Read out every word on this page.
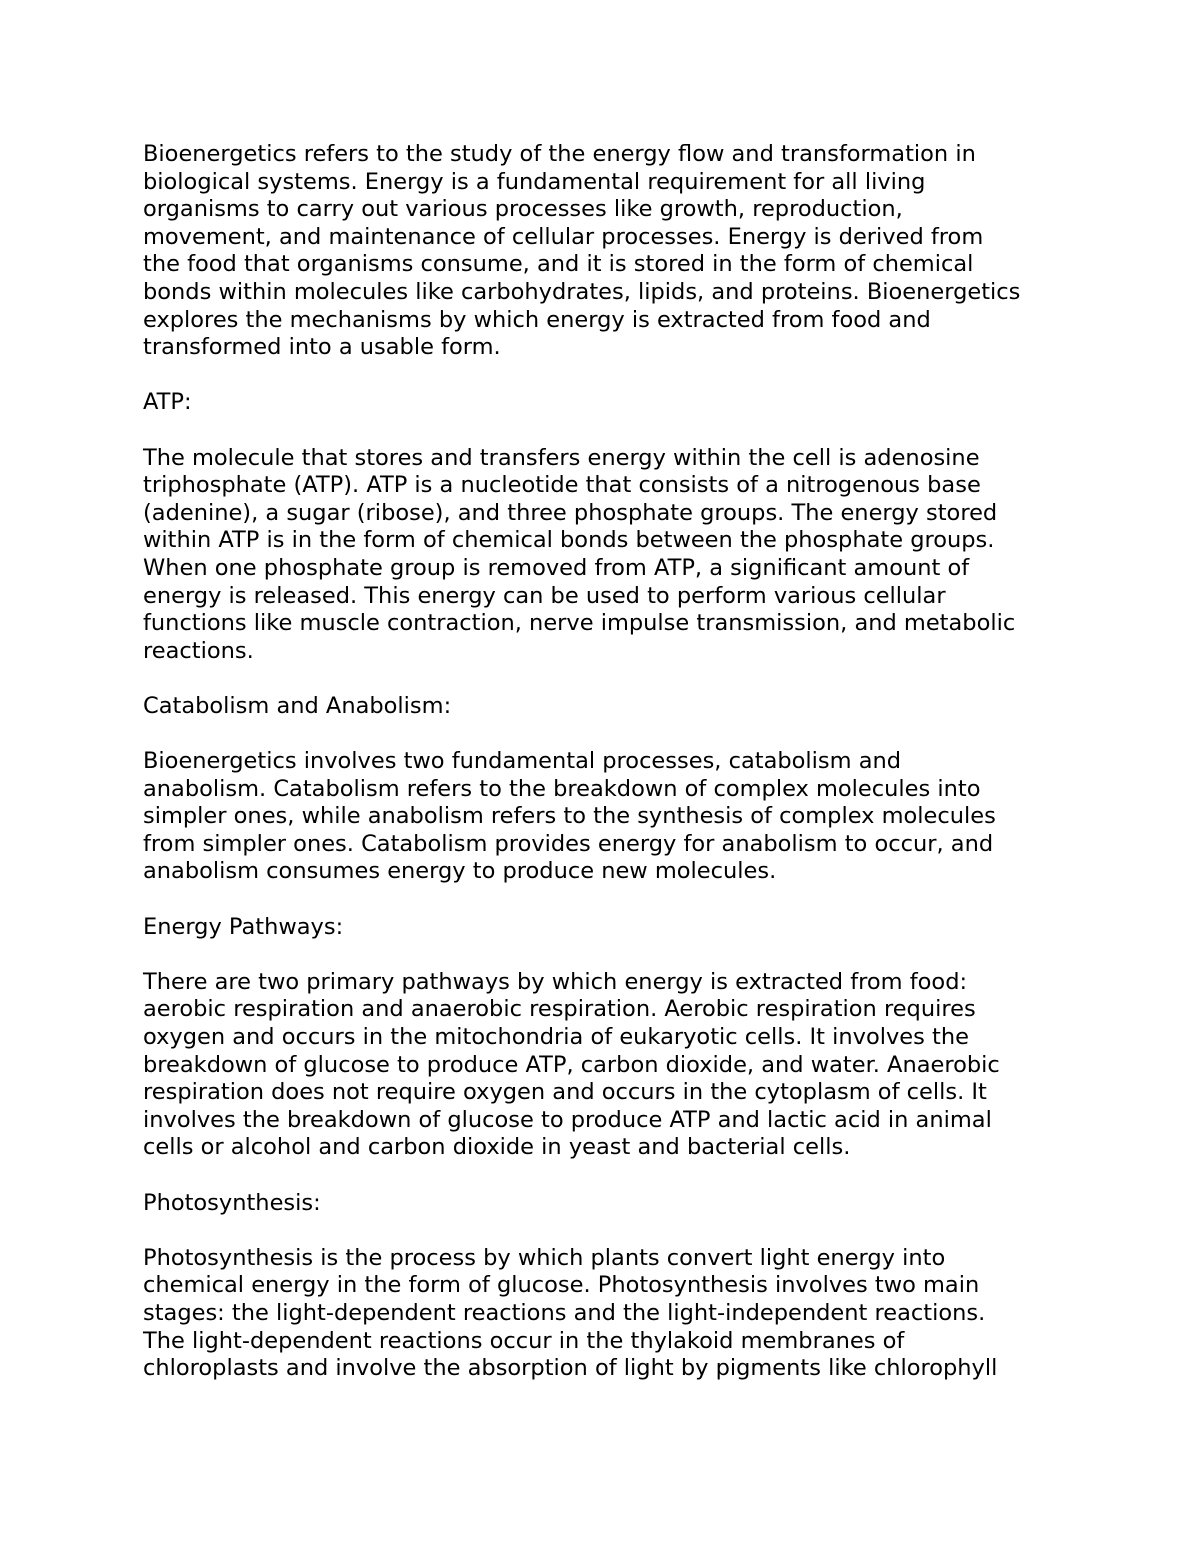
Bioenergetics refers to the study of the energy flow and transformation in
biological systems. Energy is a fundamental requirement for all living
organisms to carry out various processes like growth, reproduction,
movement, and maintenance of cellular processes. Energy is derived from
the food that organisms consume, and it is stored in the form of chemical
bonds within molecules like carbohydrates, lipids, and proteins. Bioenergetics
explores the mechanisms by which energy is extracted from food and
transformed into a usable form.

ATP:

The molecule that stores and transfers energy within the cell is adenosine
triphosphate (ATP). ATP is a nucleotide that consists of a nitrogenous base
(adenine), a sugar (ribose), and three phosphate groups. The energy stored
within ATP is in the form of chemical bonds between the phosphate groups.
When one phosphate group is removed from ATP, a significant amount of
energy is released. This energy can be used to perform various cellular
functions like muscle contraction, nerve impulse transmission, and metabolic
reactions.

Catabolism and Anabolism:

Bioenergetics involves two fundamental processes, catabolism and
anabolism. Catabolism refers to the breakdown of complex molecules into
simpler ones, while anabolism refers to the synthesis of complex molecules
from simpler ones. Catabolism provides energy for anabolism to occur, and
anabolism consumes energy to produce new molecules.

Energy Pathways:

There are two primary pathways by which energy is extracted from food:
aerobic respiration and anaerobic respiration. Aerobic respiration requires
oxygen and occurs in the mitochondria of eukaryotic cells. It involves the
breakdown of glucose to produce ATP, carbon dioxide, and water. Anaerobic
respiration does not require oxygen and occurs in the cytoplasm of cells. It
involves the breakdown of glucose to produce ATP and lactic acid in animal
cells or alcohol and carbon dioxide in yeast and bacterial cells.

Photosynthesis:

Photosynthesis is the process by which plants convert light energy into
chemical energy in the form of glucose. Photosynthesis involves two main
stages: the light-dependent reactions and the light-independent reactions.
The light-dependent reactions occur in the thylakoid membranes of
chloroplasts and involve the absorption of light by pigments like chlorophyll
